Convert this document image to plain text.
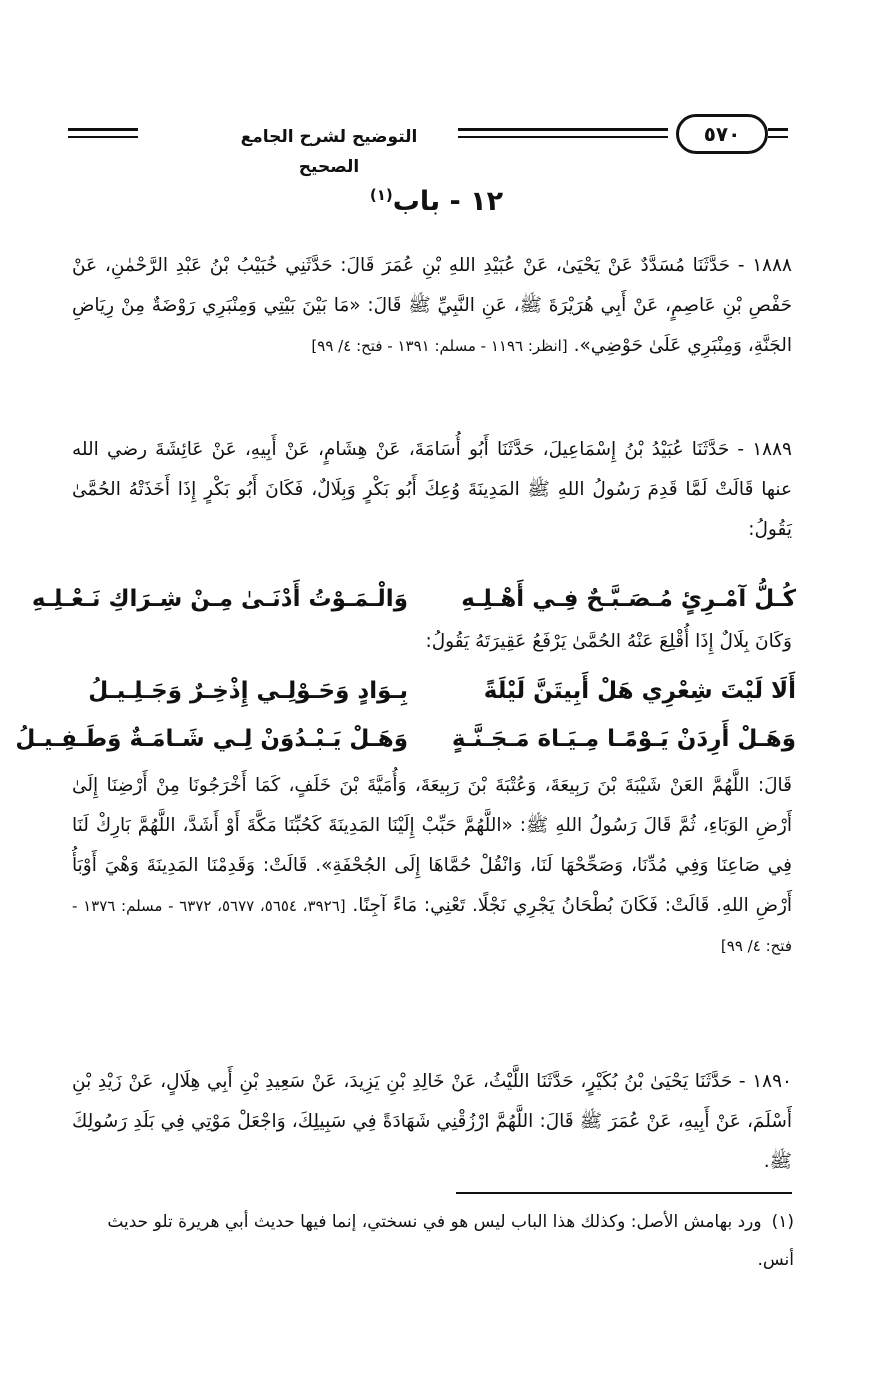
التوضيح لشرح الجامع الصحيح
٥٧٠
١٢ - باب$^{(١)}$
١٨٨٨ - حَدَّثَنَا مُسَدَّدٌ عَنْ يَحْيَىٰ، عَنْ عُبَيْدِ اللهِ بْنِ عُمَرَ قَالَ: حَدَّثَنِي خُبَيْبُ بْنُ عَبْدِ الرَّحْمٰنِ، عَنْ حَفْصِ بْنِ عَاصِمٍ، عَنْ أَبِي هُرَيْرَةَ ﷺ، عَنِ النَّبِيِّ ﷺ قَالَ: «مَا بَيْنَ بَيْتِي وَمِنْبَرِي رَوْضَةٌ مِنْ رِيَاضِ الجَنَّةِ، وَمِنْبَرِي عَلَىٰ حَوْضِي». [انظر: ١١٩٦ - مسلم: ١٣٩١ - فتح: ٤/ ٩٩]
١٨٨٩ - حَدَّثَنَا عُبَيْدُ بْنُ إِسْمَاعِيلَ، حَدَّثَنَا أَبُو أُسَامَةَ، عَنْ هِشَامٍ، عَنْ أَبِيهِ، عَنْ عَائِشَةَ رضي الله عنها قَالَتْ لَمَّا قَدِمَ رَسُولُ اللهِ ﷺ المَدِينَةَ وُعِكَ أَبُو بَكْرٍ وَبِلَالٌ، فَكَانَ أَبُو بَكْرٍ إِذَا أَخَذَتْهُ الحُمَّىٰ يَقُولُ:
كُـلُّ آمْـرِئٍ مُـصَـبَّـحٌ فِـي أَهْـلِـهِ
وَالْـمَـوْتُ أَدْنَـىٰ مِـنْ شِـرَاكِ نَـعْـلِـهِ
وَكَانَ بِلَالٌ إِذَا أُقْلِعَ عَنْهُ الحُمَّىٰ يَرْفَعُ عَقِيرَتَهُ يَقُولُ:
أَلَا لَيْتَ شِعْرِي هَلْ أَبِيتَنَّ لَيْلَةً
بِـوَادٍ وَحَـوْلِـي إِذْخِـرٌ وَجَـلِـيـلُ
وَهَـلْ أَرِدَنْ يَـوْمًـا مِـيَـاهَ مَـجَـنَّـةٍ
وَهَـلْ يَـبْـدُوَنْ لِـي شَـامَـةٌ وَطَـفِـيـلُ
قَالَ: اللَّهُمَّ العَنْ شَيْبَةَ بْنَ رَبِيعَةَ، وَعُتْبَةَ بْنَ رَبِيعَةَ، وَأُمَيَّةَ بْنَ خَلَفٍ، كَمَا أَخْرَجُونَا مِنْ أَرْضِنَا إِلَىٰ أَرْضِ الوَبَاءِ، ثُمَّ قَالَ رَسُولُ اللهِ ﷺ: «اللَّهُمَّ حَبِّبْ إِلَيْنَا المَدِينَةَ كَحُبِّنَا مَكَّةَ أَوْ أَشَدَّ، اللَّهُمَّ بَارِكْ لَنَا فِي صَاعِنَا وَفِي مُدِّنَا، وَصَحِّحْهَا لَنَا، وَانْقُلْ حُمَّاهَا إِلَى الجُحْفَةِ». قَالَتْ: وَقَدِمْنَا المَدِينَةَ وَهْيَ أَوْبَأُ أَرْضِ اللهِ. قَالَتْ: فَكَانَ بُطْحَانُ يَجْرِي نَجْلًا. تَعْنِي: مَاءً آجِنًا. [٣٩٢٦، ٥٦٥٤، ٥٦٧٧، ٦٣٧٢ - مسلم: ١٣٧٦ - فتح: ٤/ ٩٩]
١٨٩٠ - حَدَّثَنَا يَحْيَىٰ بْنُ بُكَيْرٍ، حَدَّثَنَا اللَّيْثُ، عَنْ خَالِدِ بْنِ يَزِيدَ، عَنْ سَعِيدِ بْنِ أَبِي هِلَالٍ، عَنْ زَيْدِ بْنِ أَسْلَمَ، عَنْ أَبِيهِ، عَنْ عُمَرَ ﷺ قَالَ: اللَّهُمَّ ارْزُقْنِي شَهَادَةً فِي سَبِيلِكَ، وَاجْعَلْ مَوْتِي فِي بَلَدِ رَسُولِكَ ﷺ.
(١)ورد بهامش الأصل: وكذلك هذا الباب ليس هو في نسختي، إنما فيها حديث أبي هريرة تلو حديث أنس.
